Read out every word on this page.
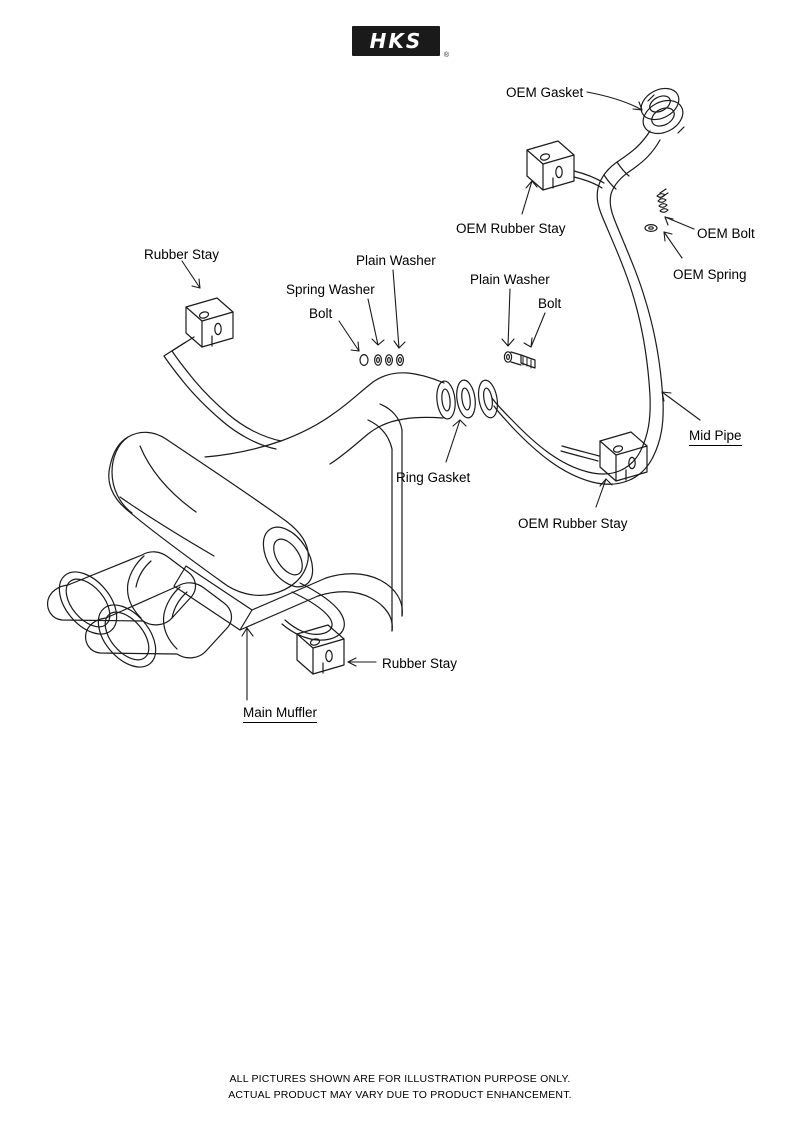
HKS
®
OEM Gasket
OEM Rubber Stay	OEM Bolt
OEM Spring
Rubber Stay	Plain Washer
Plain Washer
Spring Washer
Bolt
Bolt
Mid Pipe
Ring Gasket
OEM Rubber Stay
Rubber Stay
Main Muffler
ALL PICTURES SHOWN ARE FOR ILLUSTRATION PURPOSE ONLY.
ACTUAL PRODUCT MAY VARY DUE TO PRODUCT ENHANCEMENT.
